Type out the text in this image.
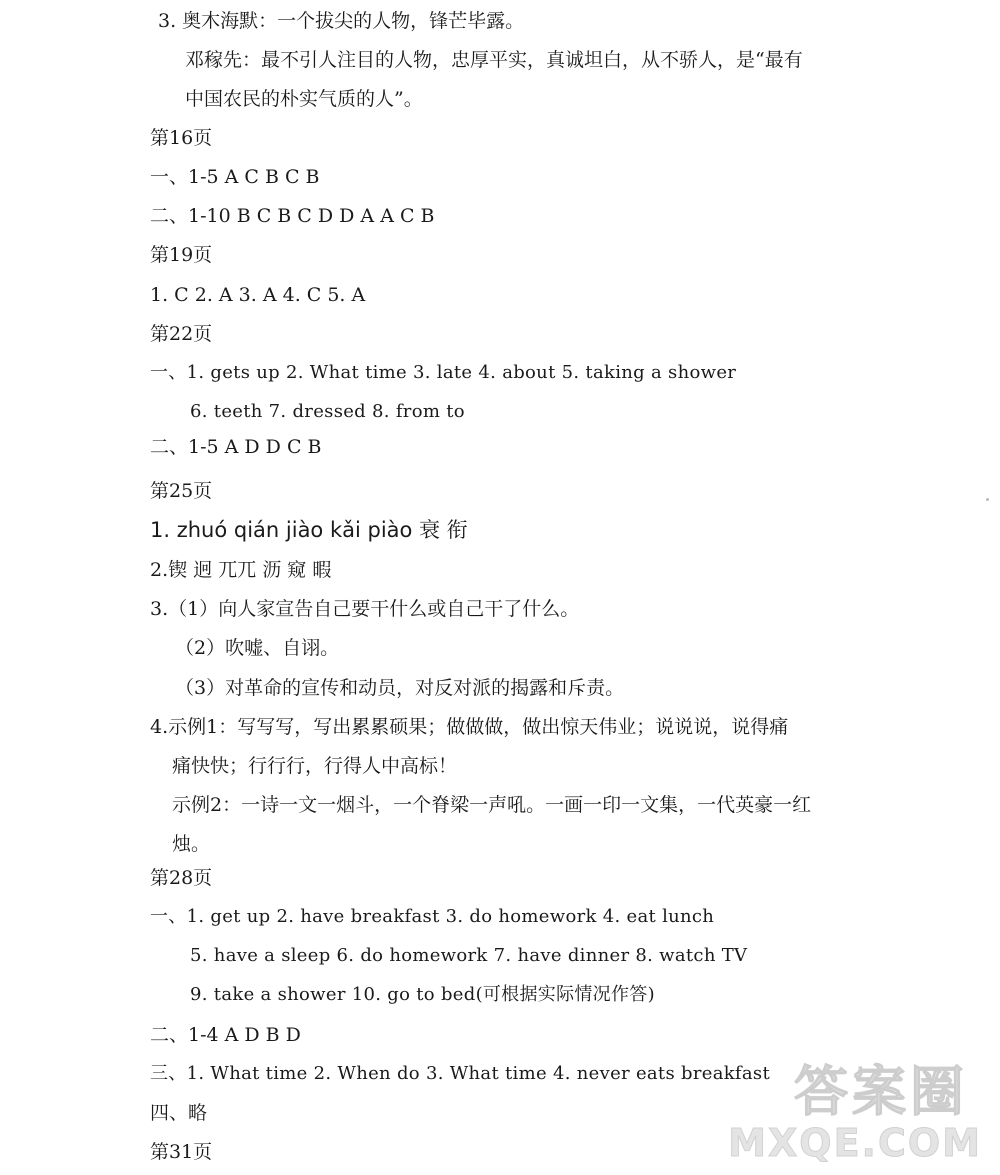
3. 奥木海默：一个拔尖的人物，锋芒毕露。
邓稼先：最不引人注目的人物，忠厚平实，真诚坦白，从不骄人，是“最有
中国农民的朴实气质的人”。
第16页
一、1-5 A C B C B
二、1-10 B C B C D D A A C B
第19页
1. C 2. A 3. A 4. C 5. A
第22页
一、1. gets up 2. What time 3. late 4. about 5. taking a shower
6. teeth 7. dressed 8. from to
二、1-5 A D D C B
第25页
1. zhuó qián jiào kǎi piào 衰 衔
2.锲 迥 兀兀 沥 窥 暇
3.（1）向人家宣告自己要干什么或自己干了什么。
（2）吹嘘、自诩。
（3）对革命的宣传和动员，对反对派的揭露和斥责。
4.示例1：写写写，写出累累硕果；做做做，做出惊天伟业；说说说，说得痛
痛快快；行行行，行得人中高标！
示例2：一诗一文一烟斗，一个脊梁一声吼。一画一印一文集，一代英豪一红
烛。
第28页
一、1. get up 2. have breakfast 3. do homework 4. eat lunch
5. have a sleep 6. do homework 7. have dinner 8. watch TV
9. take a shower 10. go to bed(可根据实际情况作答)
二、1-4 A D B D
三、1. What time 2. When do 3. What time 4. never eats breakfast
四、略
第31页
答案圈
MXQE.COM
